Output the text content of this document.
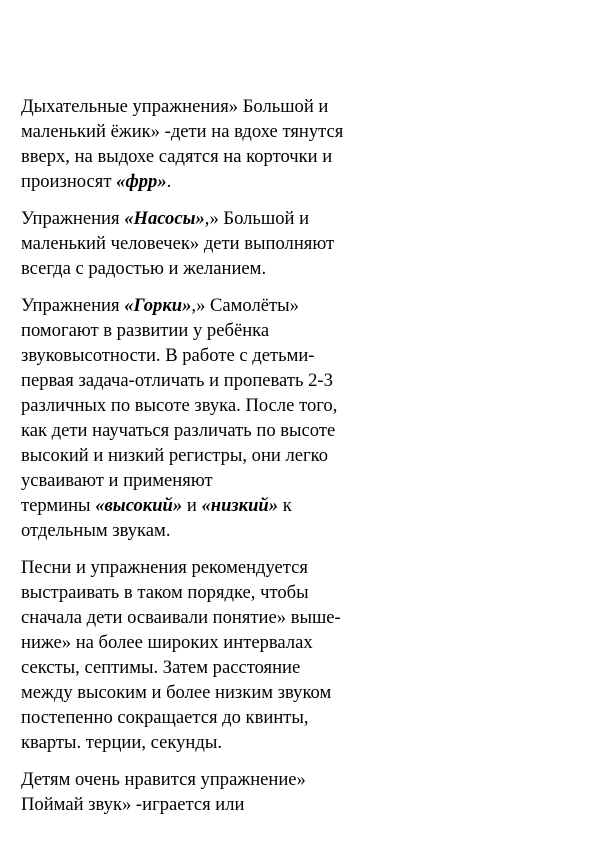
Дыхательные упражнения» Большой и
маленький ёжик» -дети на вдохе тянутся
вверх, на выдохе садятся на корточки и
произносят «фрр».

Упражнения «Насосы»,» Большой и
маленький человечек» дети выполняют
всегда с радостью и желанием.

Упражнения «Горки»,» Самолёты»
помогают в развитии у ребёнка
звуковысотности. В работе с детьми-
первая задача-отличать и пропевать 2-3
различных по высоте звука. После того,
как дети научаться различать по высоте
высокий и низкий регистры, они легко
усваивают и применяют
термины «высокий» и «низкий» к
отдельным звукам.

Песни и упражнения рекомендуется
выстраивать в таком порядке, чтобы
сначала дети осваивали понятие» выше-
ниже» на более широких интервалах
сексты, септимы. Затем расстояние
между высоким и более низким звуком
постепенно сокращается до квинты,
кварты. терции, секунды.

Детям очень нравится упражнение»
Поймай звук» -играется или
